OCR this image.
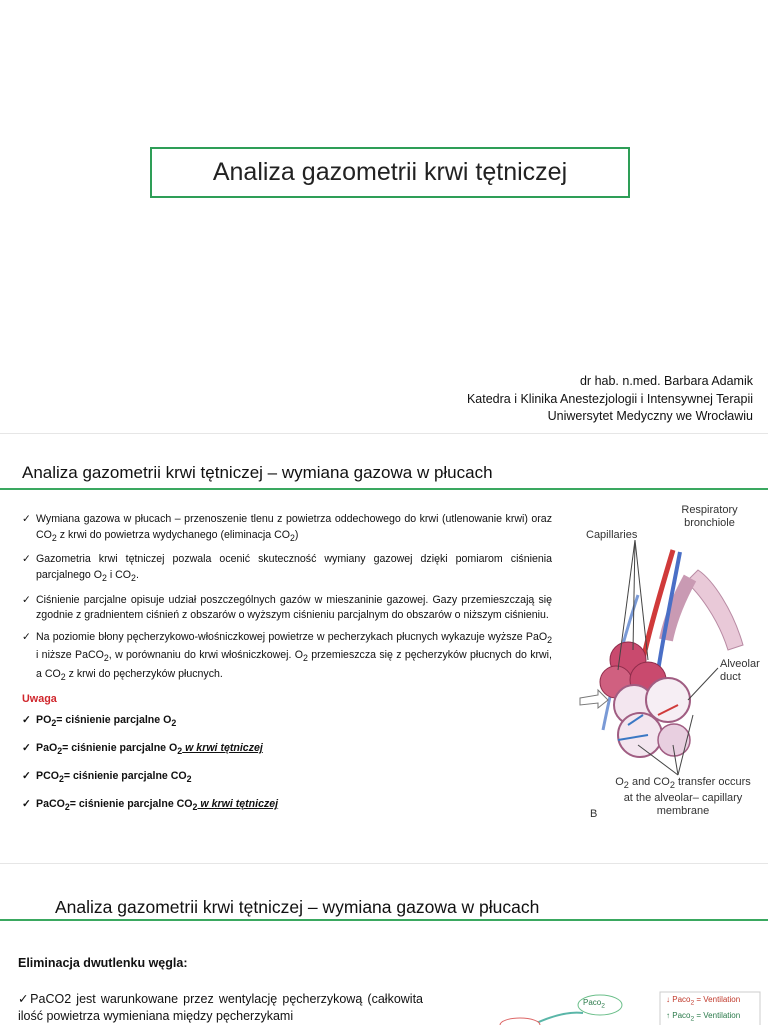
Analiza gazometrii krwi tętniczej
dr hab. n.med. Barbara Adamik
Katedra i Klinika Anestezjologii i Intensywnej Terapii
Uniwersytet Medyczny we Wrocławiu
Analiza gazometrii krwi tętniczej – wymiana gazowa w płucach
✓ Wymiana gazowa w płucach – przenoszenie tlenu z powietrza oddechowego do krwi (utlenowanie krwi) oraz $CO_2$ z krwi do powietrza wydychanego (eliminacja $CO_2$)
✓ Gazometria krwi tętniczej pozwala ocenić skuteczność wymiany gazowej dzięki pomiarom ciśnienia parcjalnego $O_2$ i $CO_2$.
✓ Ciśnienie parcjalne opisuje udział poszczególnych gazów w mieszaninie gazowej. Gazy przemieszczają się zgodnie z gradnientem ciśnień z obszarów o wyższym ciśnieniu parcjalnym do obszarów o niższym ciśnieniu.
✓ Na poziomie błony pęcherzykowo-włośniczkowej powietrze w pecherzykach płucnych wykazuje wyższe PaO$_2$ i niższe PaCO$_2$, w porównaniu do krwi włośniczkowej. $O_2$ przemieszcza się z pęcherzyków płucnych do krwi, a $CO_2$ z krwi do pęcherzyków płucnych.
Uwaga
✓ $PO_2=$ ciśnienie parcjalne $O_2$
✓ PaO$_2$= ciśnienie parcjalne $O_2$ w krwi tętniczej
✓ $PCO_2=$ ciśnienie parcjalne $CO_2$
✓ PaCO$_2$= ciśnienie parcjalne $CO_2$ w krwi tętniczej
Respiratory bronchiole
Capillaries
Alveolar duct
$O_2$ and $CO_2$ transfer occurs at the alveolar– capillary membrane
B
Analiza gazometrii krwi tętniczej – wymiana gazowa w płucach
Eliminacja dwutlenku węgla:
✓PaCO2 jest warunkowane przez wentylację pęcherzykową (całkowita ilość powietrza wymieniana między pęcherzykami
Paco$_2$
↓ Paco$_2$ = Ventilation
↑ Paco$_2$ = Ventilation
